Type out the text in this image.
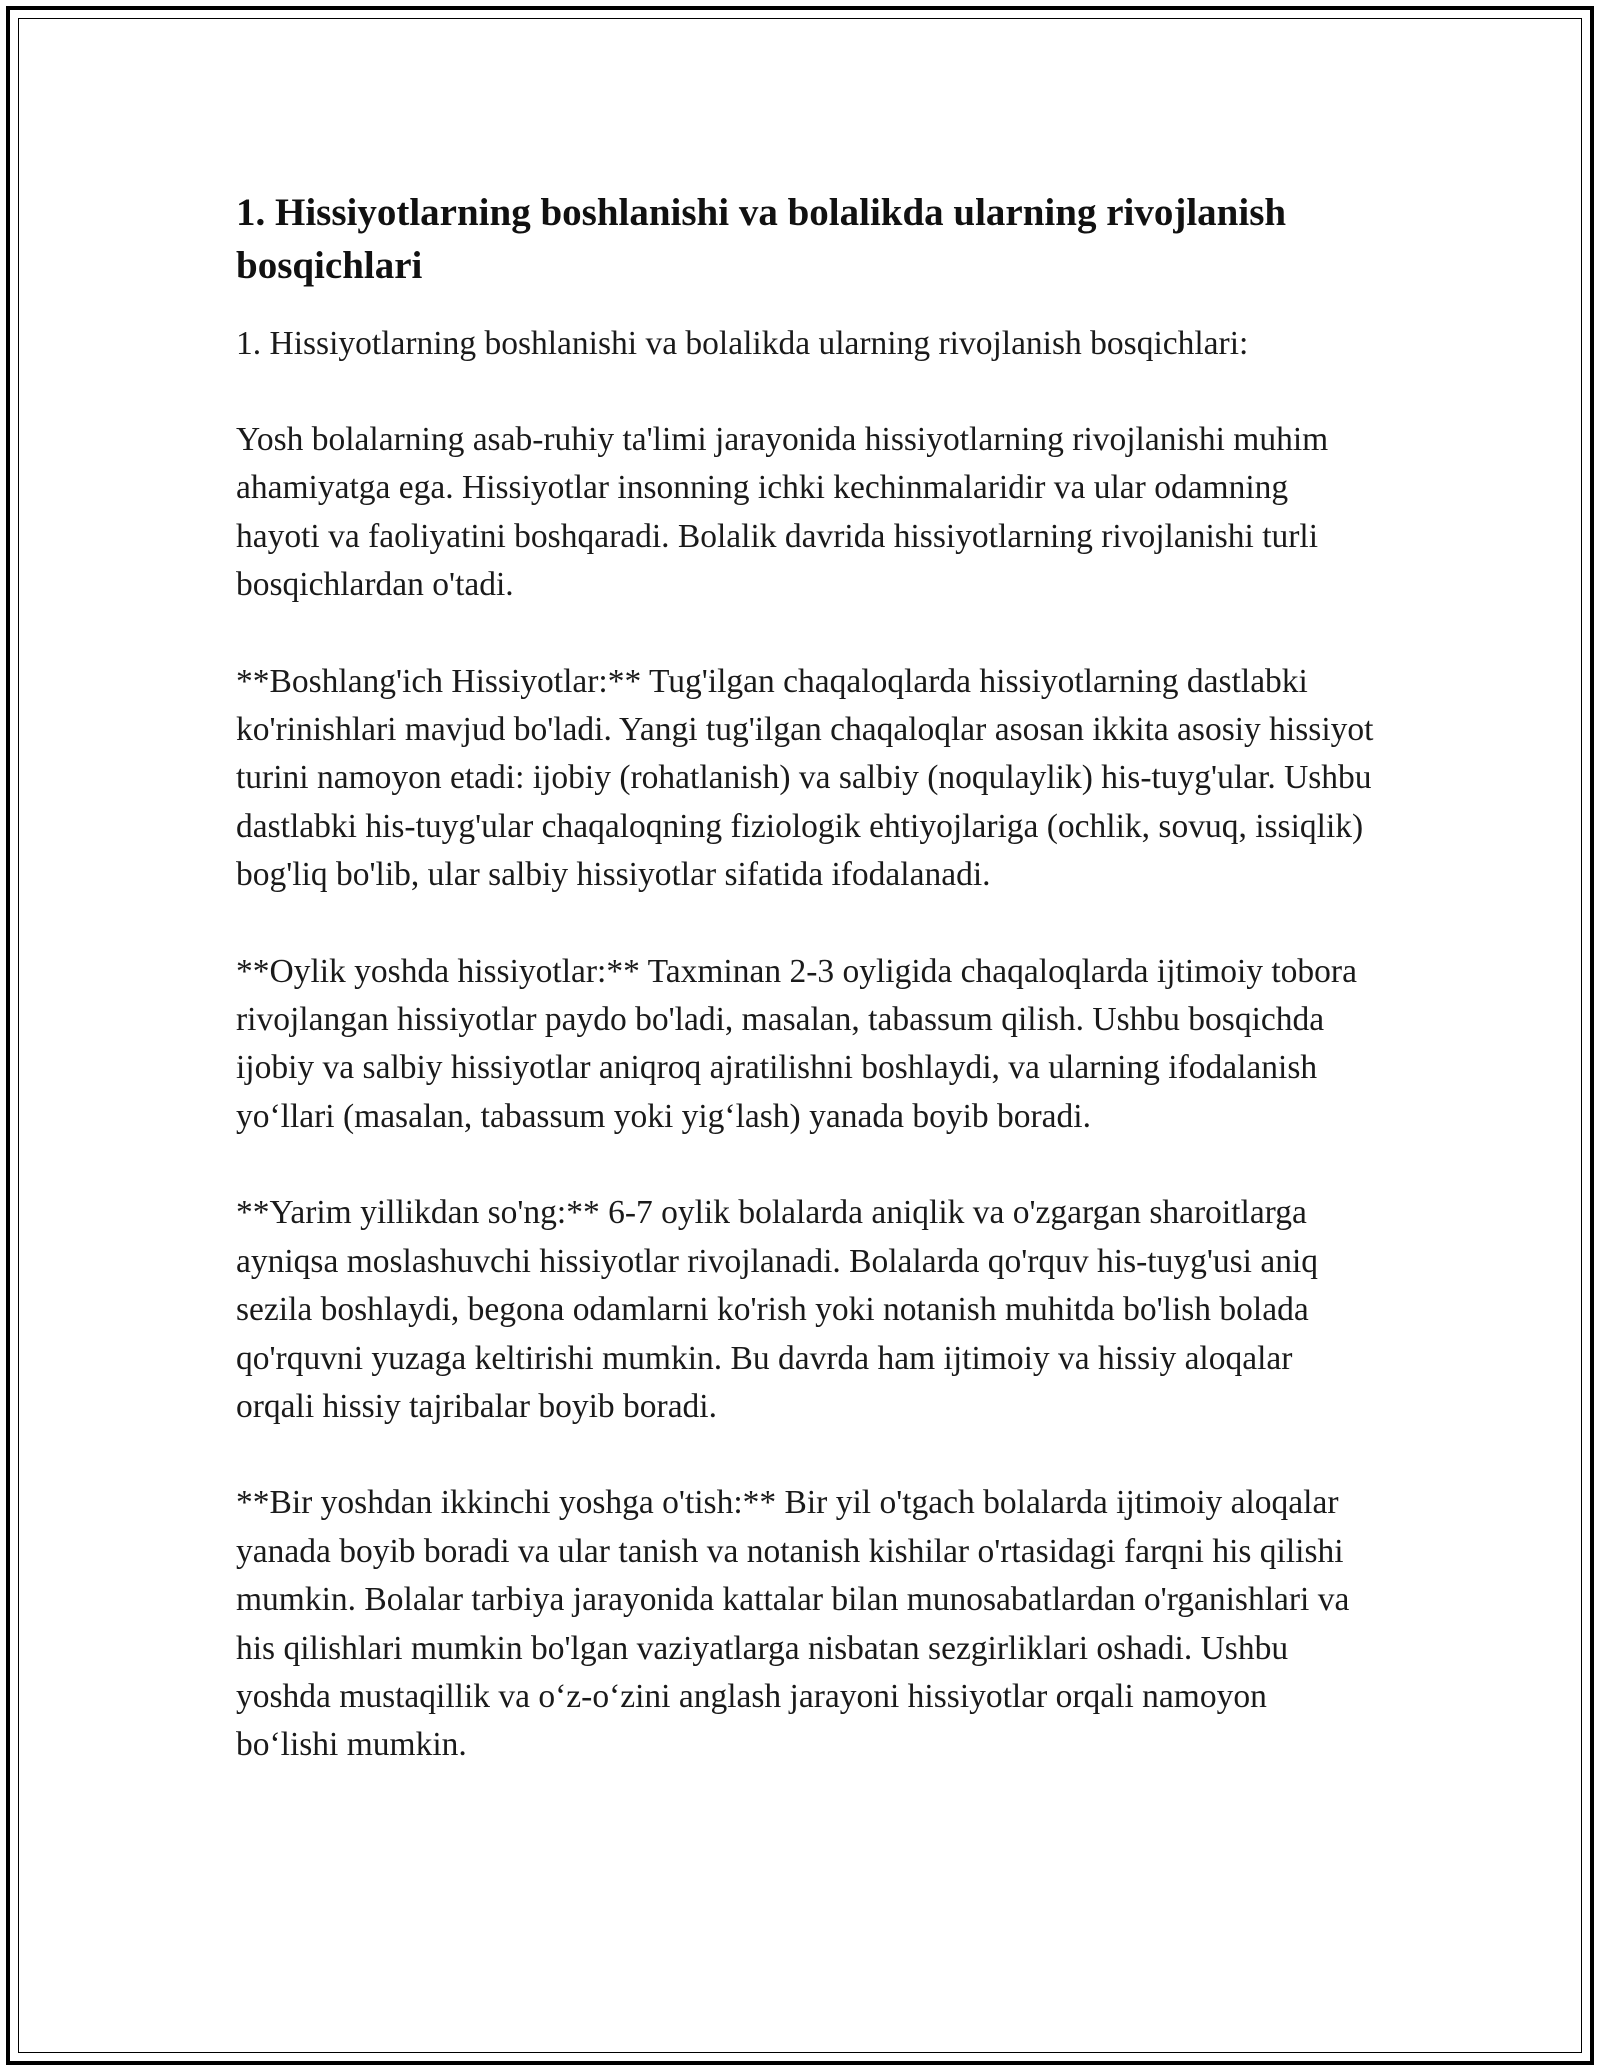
1. Hissiyotlarning boshlanishi va bolalikda ularning rivojlanish bosqichlari

1. Hissiyotlarning boshlanishi va bolalikda ularning rivojlanish bosqichlari:

Yosh bolalarning asab-ruhiy ta'limi jarayonida hissiyotlarning rivojlanishi muhim ahamiyatga ega. Hissiyotlar insonning ichki kechinmalaridir va ular odamning hayoti va faoliyatini boshqaradi. Bolalik davrida hissiyotlarning rivojlanishi turli bosqichlardan o'tadi.

**Boshlang'ich Hissiyotlar:** Tug'ilgan chaqaloqlarda hissiyotlarning dastlabki ko'rinishlari mavjud bo'ladi. Yangi tug'ilgan chaqaloqlar asosan ikkita asosiy hissiyot turini namoyon etadi: ijobiy (rohatlanish) va salbiy (noqulaylik) his-tuyg'ular. Ushbu dastlabki his-tuyg'ular chaqaloqning fiziologik ehtiyojlariga (ochlik, sovuq, issiqlik) bog'liq bo'lib, ular salbiy hissiyotlar sifatida ifodalanadi.

**Oylik yoshda hissiyotlar:** Taxminan 2-3 oyligida chaqaloqlarda ijtimoiy tobora rivojlangan hissiyotlar paydo bo'ladi, masalan, tabassum qilish. Ushbu bosqichda ijobiy va salbiy hissiyotlar aniqroq ajratilishni boshlaydi, va ularning ifodalanish yo‘llari (masalan, tabassum yoki yig‘lash) yanada boyib boradi.

**Yarim yillikdan so'ng:** 6-7 oylik bolalarda aniqlik va o'zgargan sharoitlarga ayniqsa moslashuvchi hissiyotlar rivojlanadi. Bolalarda qo'rquv his-tuyg'usi aniq sezila boshlaydi, begona odamlarni ko'rish yoki notanish muhitda bo'lish bolada qo'rquvni yuzaga keltirishi mumkin. Bu davrda ham ijtimoiy va hissiy aloqalar orqali hissiy tajribalar boyib boradi.

**Bir yoshdan ikkinchi yoshga o'tish:** Bir yil o'tgach bolalarda ijtimoiy aloqalar yanada boyib boradi va ular tanish va notanish kishilar o'rtasidagi farqni his qilishi mumkin. Bolalar tarbiya jarayonida kattalar bilan munosabatlardan o'rganishlari va his qilishlari mumkin bo'lgan vaziyatlarga nisbatan sezgirliklari oshadi. Ushbu yoshda mustaqillik va o‘z-o‘zini anglash jarayoni hissiyotlar orqali namoyon bo‘lishi mumkin.
